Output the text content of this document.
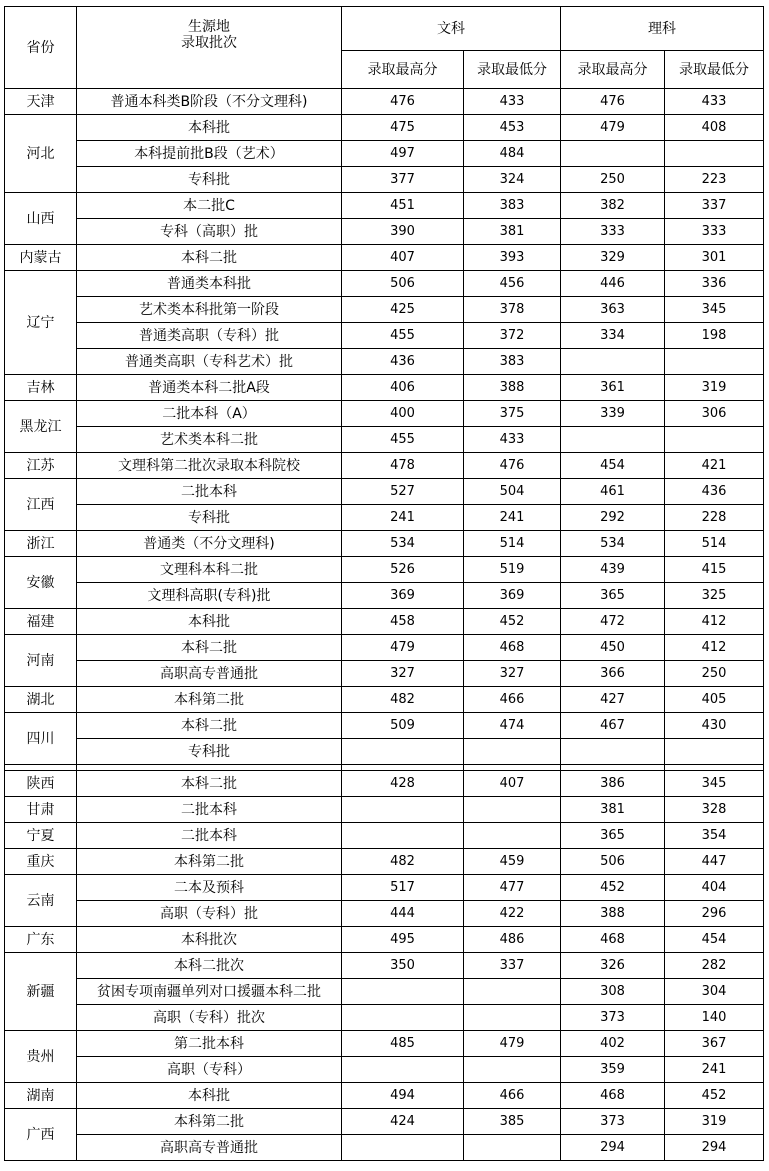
省份	生源地
录取批次	文科		理科	
		录取最高分	录取最低分	录取最高分	录取最低分
天津	普通本科类B阶段（不分文理科)	476	433	476	433
河北	本科批	475	453	479	408
	本科提前批B段（艺术）	497	484		
	专科批	377	324	250	223
山西	本二批C	451	383	382	337
	专科（高职）批	390	381	333	333
内蒙古	本科二批	407	393	329	301
辽宁	普通类本科批	506	456	446	336
	艺术类本科批第一阶段	425	378	363	345
	普通类高职（专科）批	455	372	334	198
	普通类高职（专科艺术）批	436	383		
吉林	普通类本科二批A段	406	388	361	319
黑龙江	二批本科（A）	400	375	339	306
	艺术类本科二批	455	433		
江苏	文理科第二批次录取本科院校	478	476	454	421
江西	二批本科	527	504	461	436
	专科批	241	241	292	228
浙江	普通类（不分文理科)	534	514	534	514
安徽	文理科本科二批	526	519	439	415
	文理科高职(专科)批	369	369	365	325
福建	本科批	458	452	472	412
河南	本科二批	479	468	450	412
	高职高专普通批	327	327	366	250
湖北	本科第二批	482	466	427	405
四川	本科二批	509	474	467	430
	专科批				

陕西	本科二批	428	407	386	345
甘肃	二批本科			381	328
宁夏	二批本科			365	354
重庆	本科第二批	482	459	506	447
云南	二本及预科	517	477	452	404
	高职（专科）批	444	422	388	296
广东	本科批次	495	486	468	454
新疆	本科二批次	350	337	326	282
	贫困专项南疆单列对口援疆本科二批			308	304
	高职（专科）批次			373	140
贵州	第二批本科	485	479	402	367
	高职（专科）			359	241
湖南	本科批	494	466	468	452
广西	本科第二批	424	385	373	319
	高职高专普通批			294	294
